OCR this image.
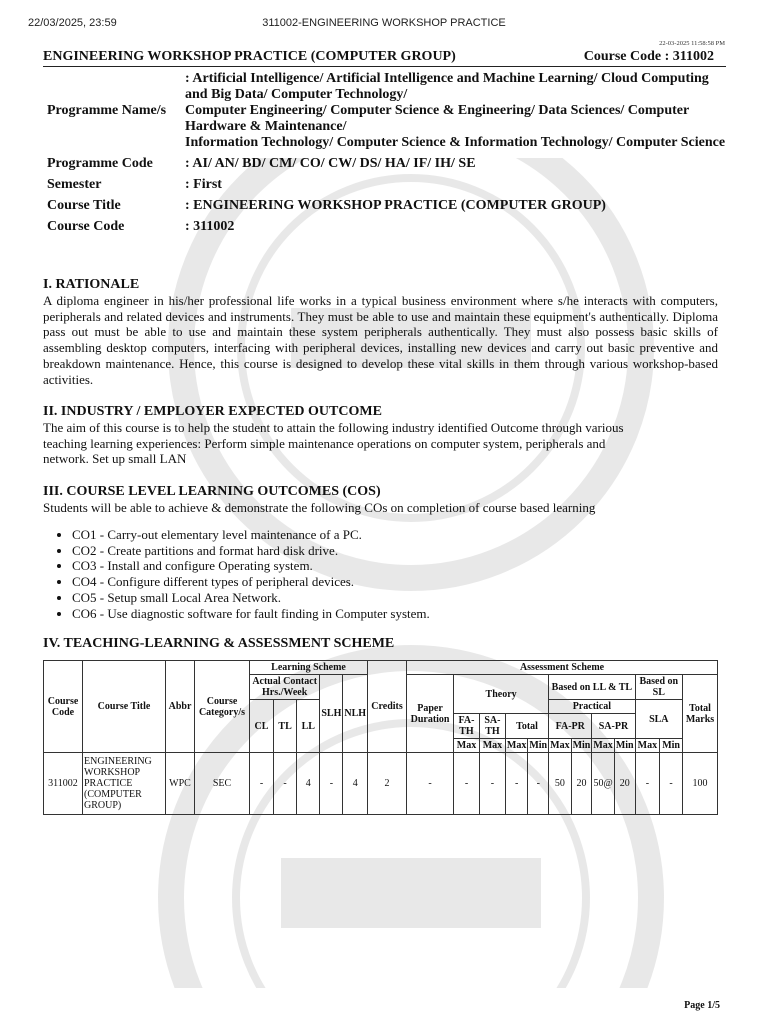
22/03/2025, 23:59	311002-ENGINEERING WORKSHOP PRACTICE
22-03-2025 11:58:58 PM
ENGINEERING WORKSHOP PRACTICE (COMPUTER GROUP)	Course Code : 311002
Programme Name/s	: Artificial Intelligence/ Artificial Intelligence and Machine Learning/ Cloud Computing and Big Data/ Computer Technology/
Computer Engineering/ Computer Science & Engineering/ Data Sciences/ Computer Hardware & Maintenance/
Information Technology/ Computer Science & Information Technology/ Computer Science

Programme Code	: AI/ AN/ BD/ CM/ CO/ CW/ DS/ HA/ IF/ IH/ SE
Semester	: First
Course Title	: ENGINEERING WORKSHOP PRACTICE (COMPUTER GROUP)
Course Code	: 311002
I. RATIONALE
A diploma engineer in his/her professional life works in a typical business environment where s/he interacts with computers, peripherals and related devices and instruments. They must be able to use and maintain these equipment's authentically. Diploma pass out must be able to use and maintain these system peripherals authentically. They must also possess basic skills of assembling desktop computers, interfacing with peripheral devices, installing new devices and carry out basic preventive and breakdown maintenance. Hence, this course is designed to develop these vital skills in them through various workshop-based activities.
II. INDUSTRY / EMPLOYER EXPECTED OUTCOME
The aim of this course is to help the student to attain the following industry identified Outcome through various
teaching learning experiences: Perform simple maintenance operations on computer system, peripherals and
network. Set up small LAN
III. COURSE LEVEL LEARNING OUTCOMES (COS)
Students will be able to achieve & demonstrate the following COs on completion of course based learning
• CO1 - Carry-out elementary level maintenance of a PC.
• CO2 - Create partitions and format hard disk drive.
• CO3 - Install and configure Operating system.
• CO4 - Configure different types of peripheral devices.
• CO5 - Setup small Local Area Network.
• CO6 - Use diagnostic software for fault finding in Computer system.
IV. TEACHING-LEARNING & ASSESSMENT SCHEME
Course Code	Course Title	Abbr	Course Category/s	Learning Scheme					Credits	Assessment Scheme											
				Actual Contact Hrs./Week			SLH	NLH		Paper Duration	Theory				Based on LL & TL				Based on SL		Total Marks
				CL	TL	LL									Practical				SLA		
											FA-TH	SA-TH	Total		FA-PR		SA-PR				
											Max	Max	Max	Min	Max	Min	Max	Min	Max	Min	
311002	ENGINEERING WORKSHOP PRACTICE (COMPUTER GROUP)	WPC	SEC	-	-	4	-	4	2	-	-	-	-	-	50	20	50@	20	-	-	100
Page 1/5
